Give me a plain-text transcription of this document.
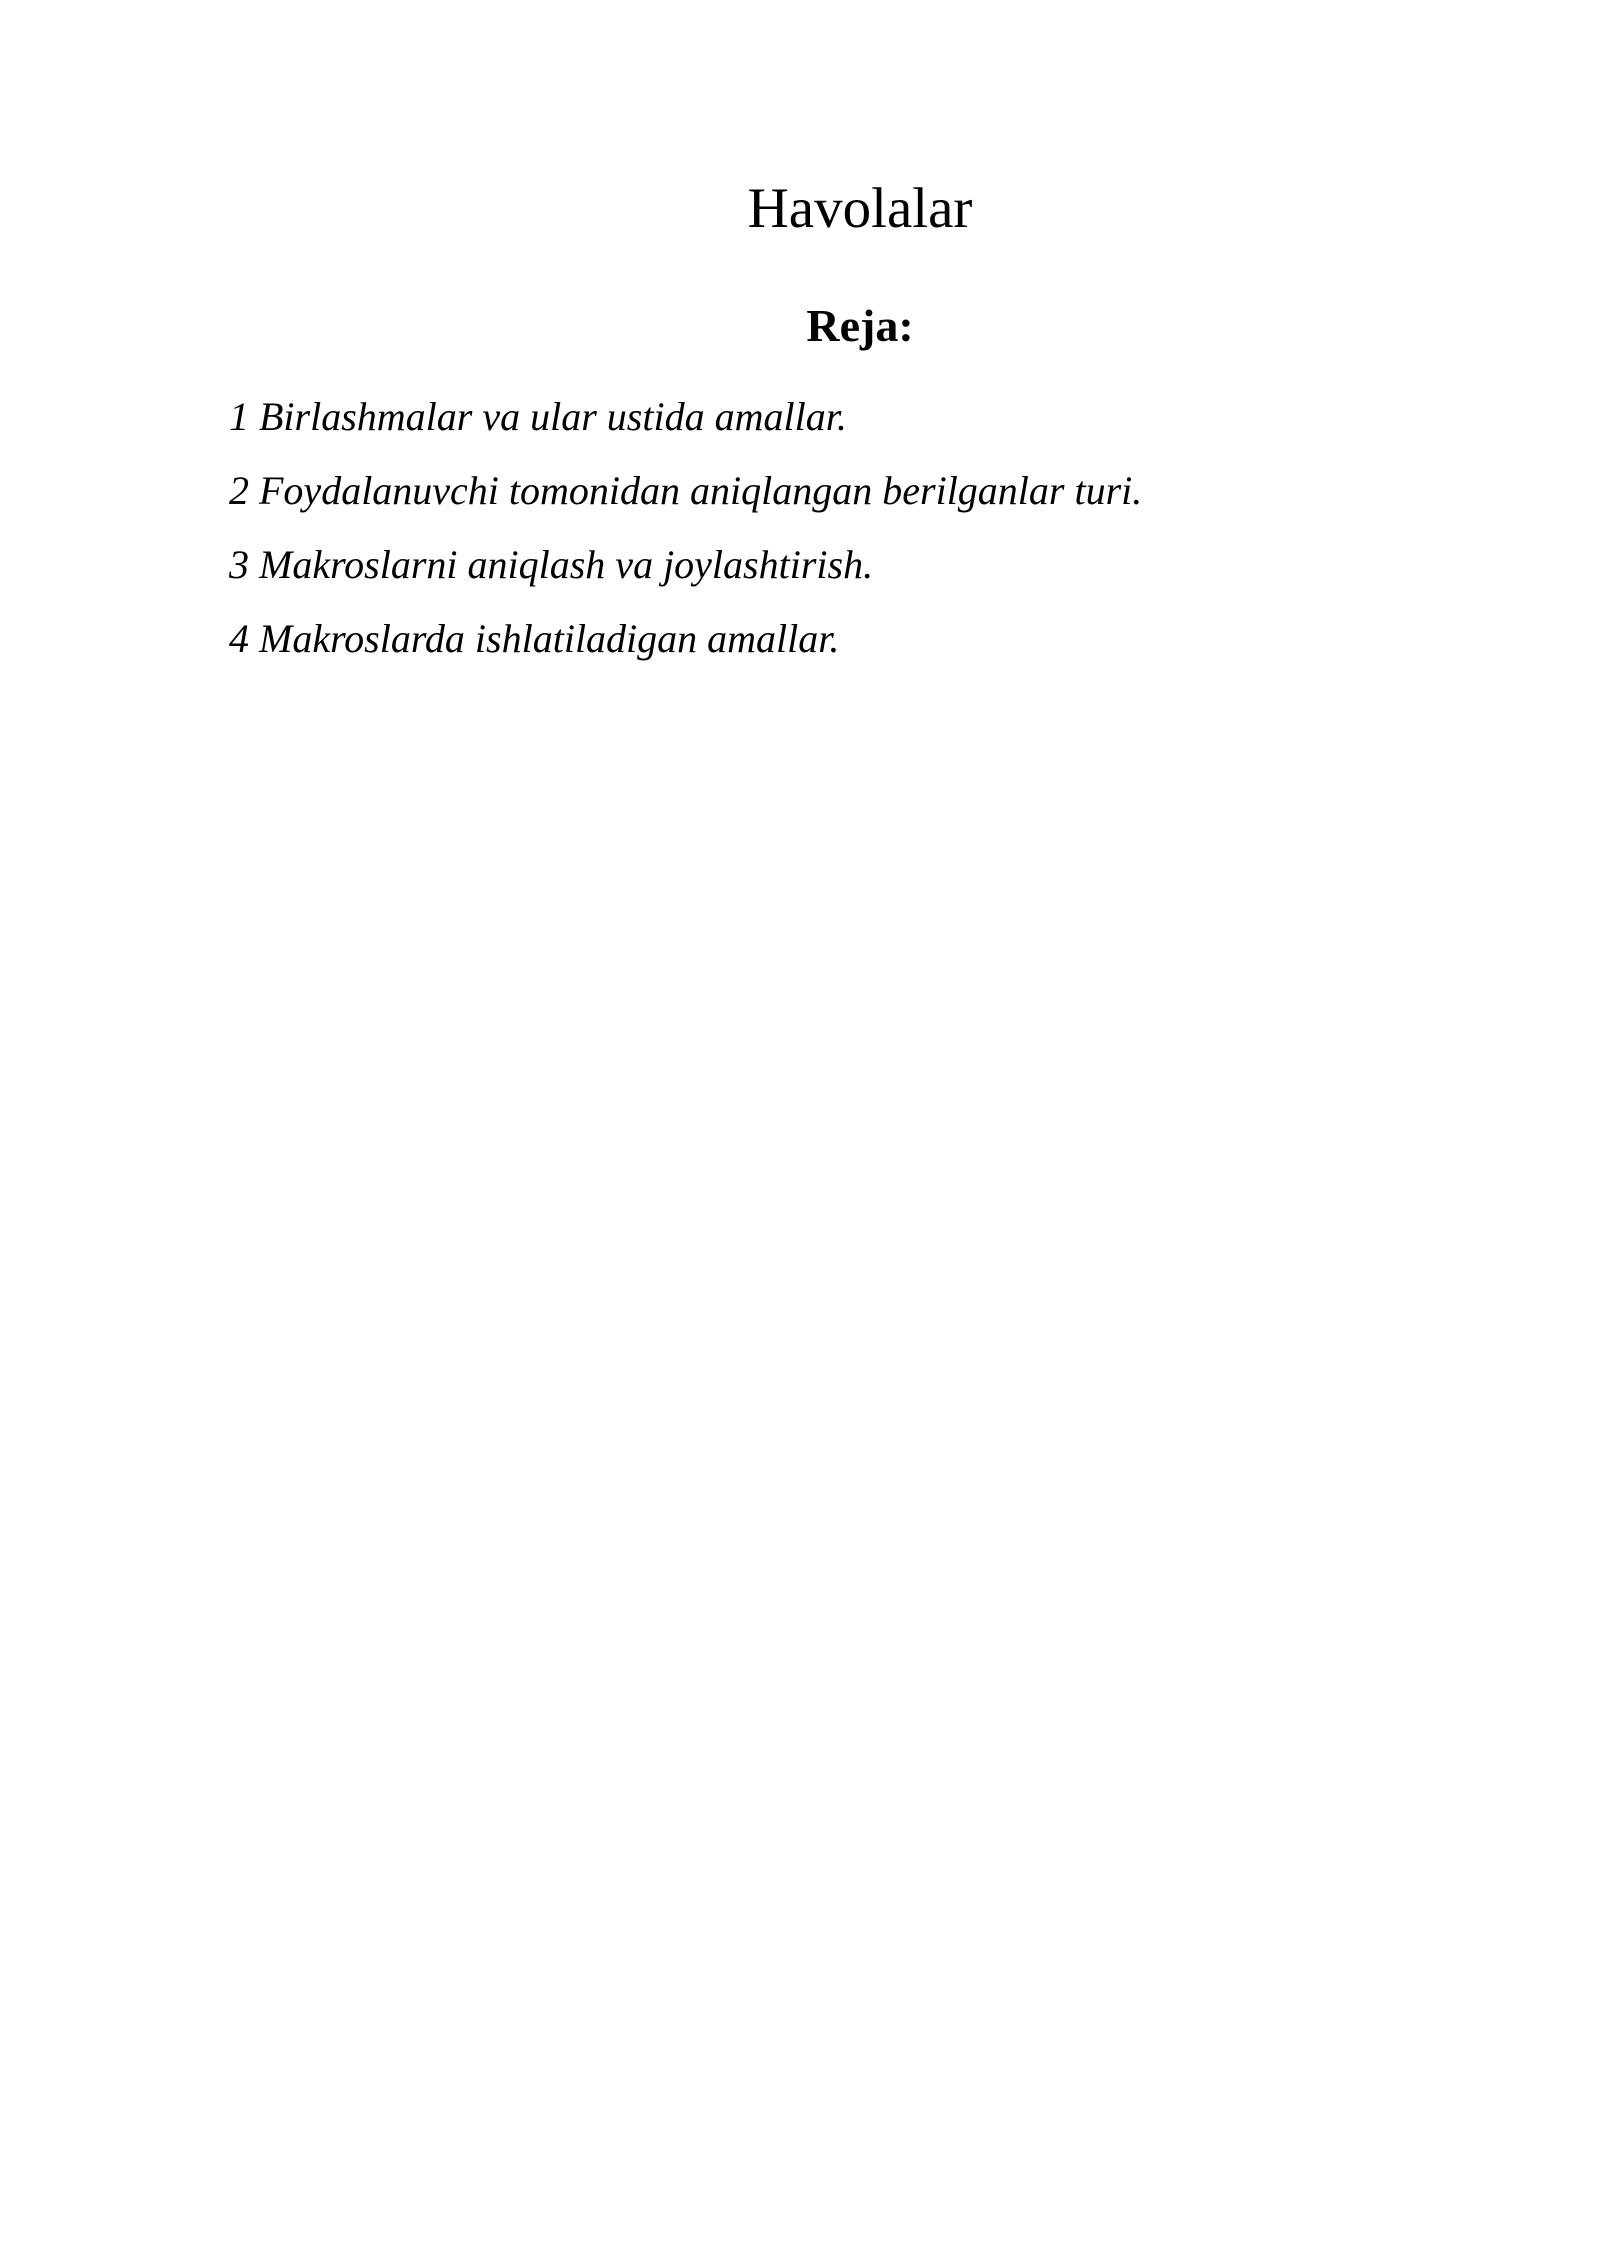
Havolalar
Reja:
1 Birlashmalar va ular ustida amallar.
2 Foydalanuvchi tomonidan aniqlangan berilganlar turi.
3 Makroslarni aniqlash va joylashtirish.
4 Makroslarda ishlatiladigan amallar.
